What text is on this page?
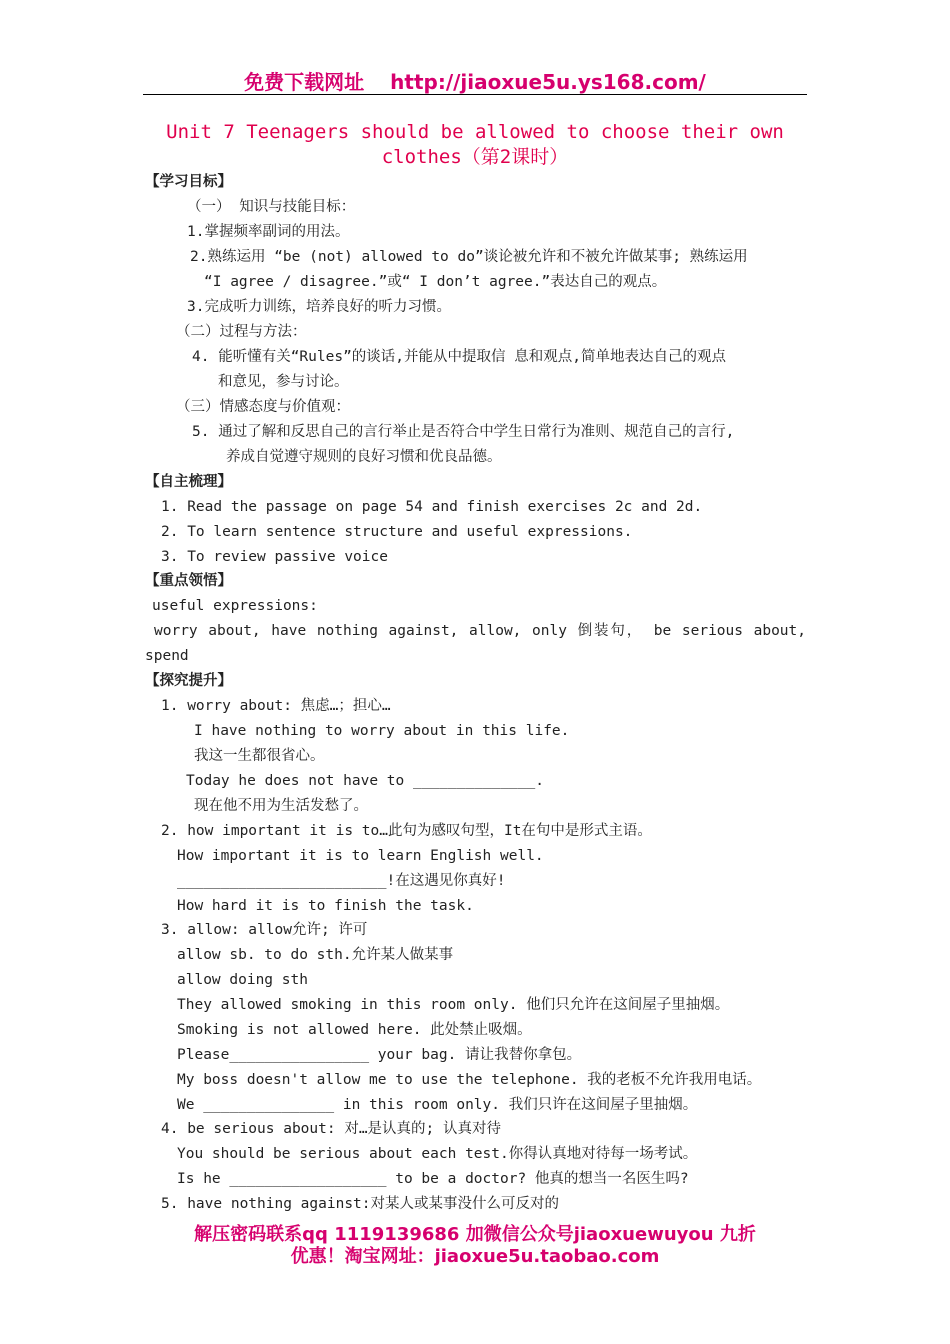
免费下载网址 http://jiaoxue5u.ys168.com/
Unit 7 Teenagers should be allowed to choose their own clothes（第2课时）
【学习目标】
（一） 知识与技能目标：
1.掌握频率副词的用法。
2.熟练运用 “be (not) allowed to do”谈论被允许和不被允许做某事; 熟练运用
“I agree / disagree.”或“ I don’t agree.”表达自己的观点。
3.完成听力训练，培养良好的听力习惯。
（二）过程与方法：
4. 能听懂有关“Rules”的谈话,并能从中提取信 息和观点,简单地表达自己的观点
和意见，参与讨论。
（三）情感态度与价值观：
5. 通过了解和反思自己的言行举止是否符合中学生日常行为准则、规范自己的言行,
养成自觉遵守规则的良好习惯和优良品德。
【自主梳理】
1. Read the passage on page 54 and finish exercises 2c and 2d.
2. To learn sentence structure and useful expressions.
3. To review passive voice
【重点领悟】
useful expressions:
worry about, have nothing against, allow, only 倒装句， be serious about,
spend
【探究提升】
1. worry about: 焦虑…；担心…
I have nothing to worry about in this life.
我这一生都很省心。
Today he does not have to ______________.
现在他不用为生活发愁了。
2. how important it is to…此句为感叹句型，It在句中是形式主语。
How important it is to learn English well.
________________________!在这遇见你真好!
How hard it is to finish the task.
3. allow: allow允许; 许可
allow sb. to do sth.允许某人做某事
allow doing sth
They allowed smoking in this room only. 他们只允许在这间屋子里抽烟。
Smoking is not allowed here. 此处禁止吸烟。
Please________________ your bag. 请让我替你拿包。
My boss doesn't allow me to use the telephone. 我的老板不允许我用电话。
We _______________ in this room only. 我们只许在这间屋子里抽烟。
4. be serious about: 对…是认真的; 认真对待
You should be serious about each test.你得认真地对待每一场考试。
Is he __________________ to be a doctor? 他真的想当一名医生吗?
5. have nothing against:对某人或某事没什么可反对的
解压密码联系qq 1119139686 加微信公众号jiaoxuewuyou 九折
优惠！淘宝网址：jiaoxue5u.taobao.com
